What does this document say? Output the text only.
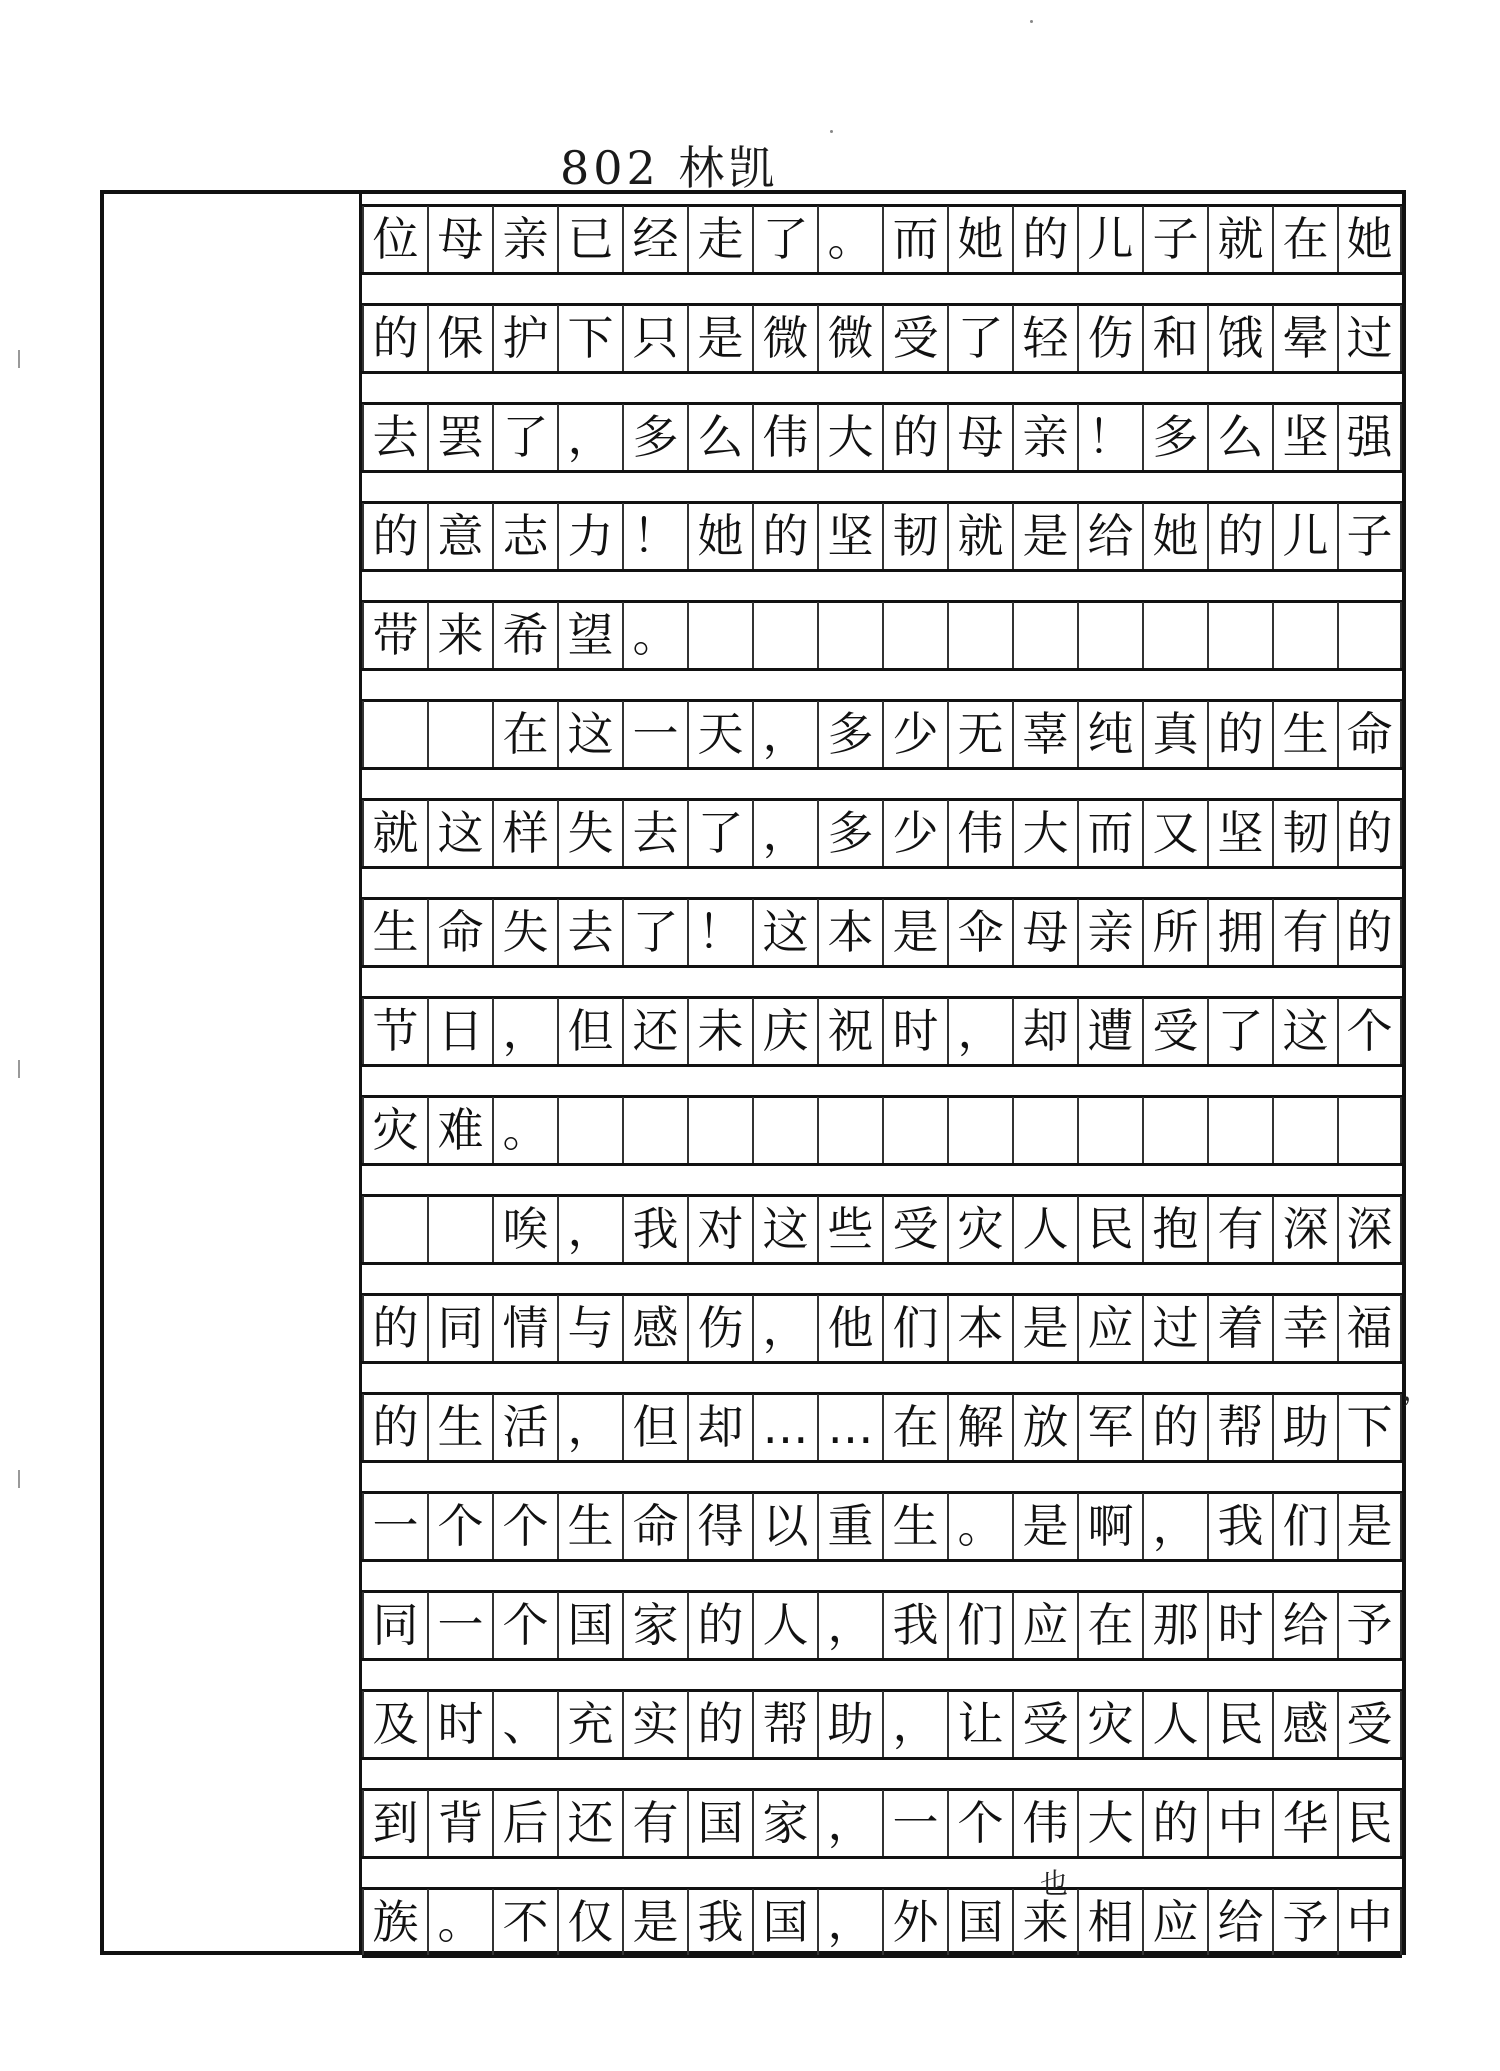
802 林凯
位 母 亲 已 经 走 了 。 而 她 的 儿 子 就 在 她
的 保 护 下 只 是 微 微 受 了 轻 伤 和 饿 晕 过
去 罢 了 ， 多 么 伟 大 的 母 亲 ！ 多 么 坚 强
的 意 志 力 ！ 她 的 坚 韧 就 是 给 她 的 儿 子
带 来 希 望 。
在 这 一 天 ， 多 少 无 辜 纯 真 的 生 命
就 这 样 失 去 了 ， 多 少 伟 大 而 又 坚 韧 的
生 命 失 去 了 ！ 这 本 是 伞 母 亲 所 拥 有 的
节 日 ， 但 还 未 庆 祝 时 ， 却 遭 受 了 这 个
灾 难 。
唉 ， 我 对 这 些 受 灾 人 民 抱 有 深 深
的 同 情 与 感 伤 ， 他 们 本 是 应 过 着 幸 福
的 生 活 ， 但 却 … … 在 解 放 军 的 帮 助 下
一 个 个 生 命 得 以 重 生 。 是 啊 ， 我 们 是
同 一 个 国 家 的 人 ， 我 们 应 在 那 时 给 予
及 时 、 充 实 的 帮 助 ， 让 受 灾 人 民 感 受
到 背 后 还 有 国 家 ， 一 个 伟 大 的 中 华 民
族 。 不 仅 是 我 国 ， 外 国 来 相 应 给 予 中
，
也
